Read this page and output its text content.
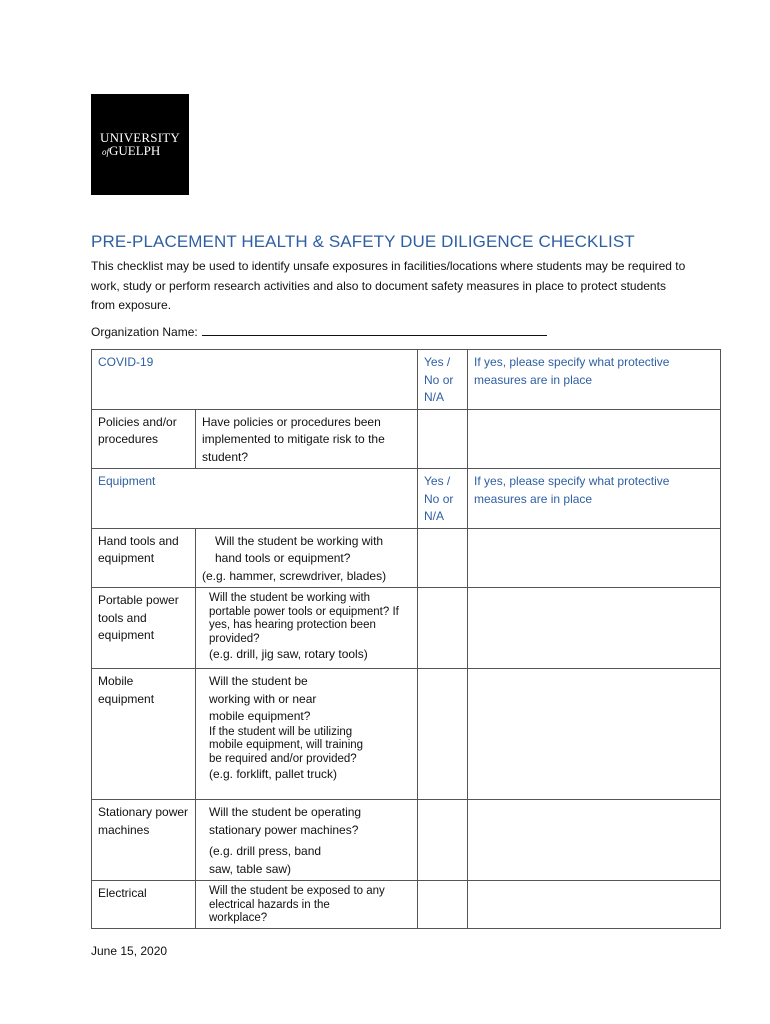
UNIVERSITY
ofGUELPH
PRE-PLACEMENT HEALTH & SAFETY DUE DILIGENCE CHECKLIST
This checklist may be used to identify unsafe exposures in facilities/locations where students may be required to work, study or perform research activities and also to document safety measures in place to protect students from exposure.
Organization Name:
COVID-19		Yes / No or N/A	If yes, please specify what protective measures are in place
Policies and/or procedures	Have policies or procedures been implemented to mitigate risk to the student?		
Equipment		Yes / No or N/A	If yes, please specify what protective measures are in place
Hand tools and equipment	Will the student be working with hand tools or equipment?
(e.g. hammer, screwdriver, blades)		

Portable power tools and equipment	Will the student be working with portable power tools or equipment? If yes, has hearing protection been provided?
(e.g. drill, jig saw, rotary tools)		

Mobile equipment	Will the student be working with or near mobile equipment?
If the student will be utilizing mobile equipment, will training be required and/or provided?
(e.g. forklift, pallet truck)		

Stationary power machines	Will the student be operating stationary power machines?
(e.g. drill press, band saw, table saw)		

Electrical	Will the student be exposed to any electrical hazards in the workplace?		

June 15, 2020
